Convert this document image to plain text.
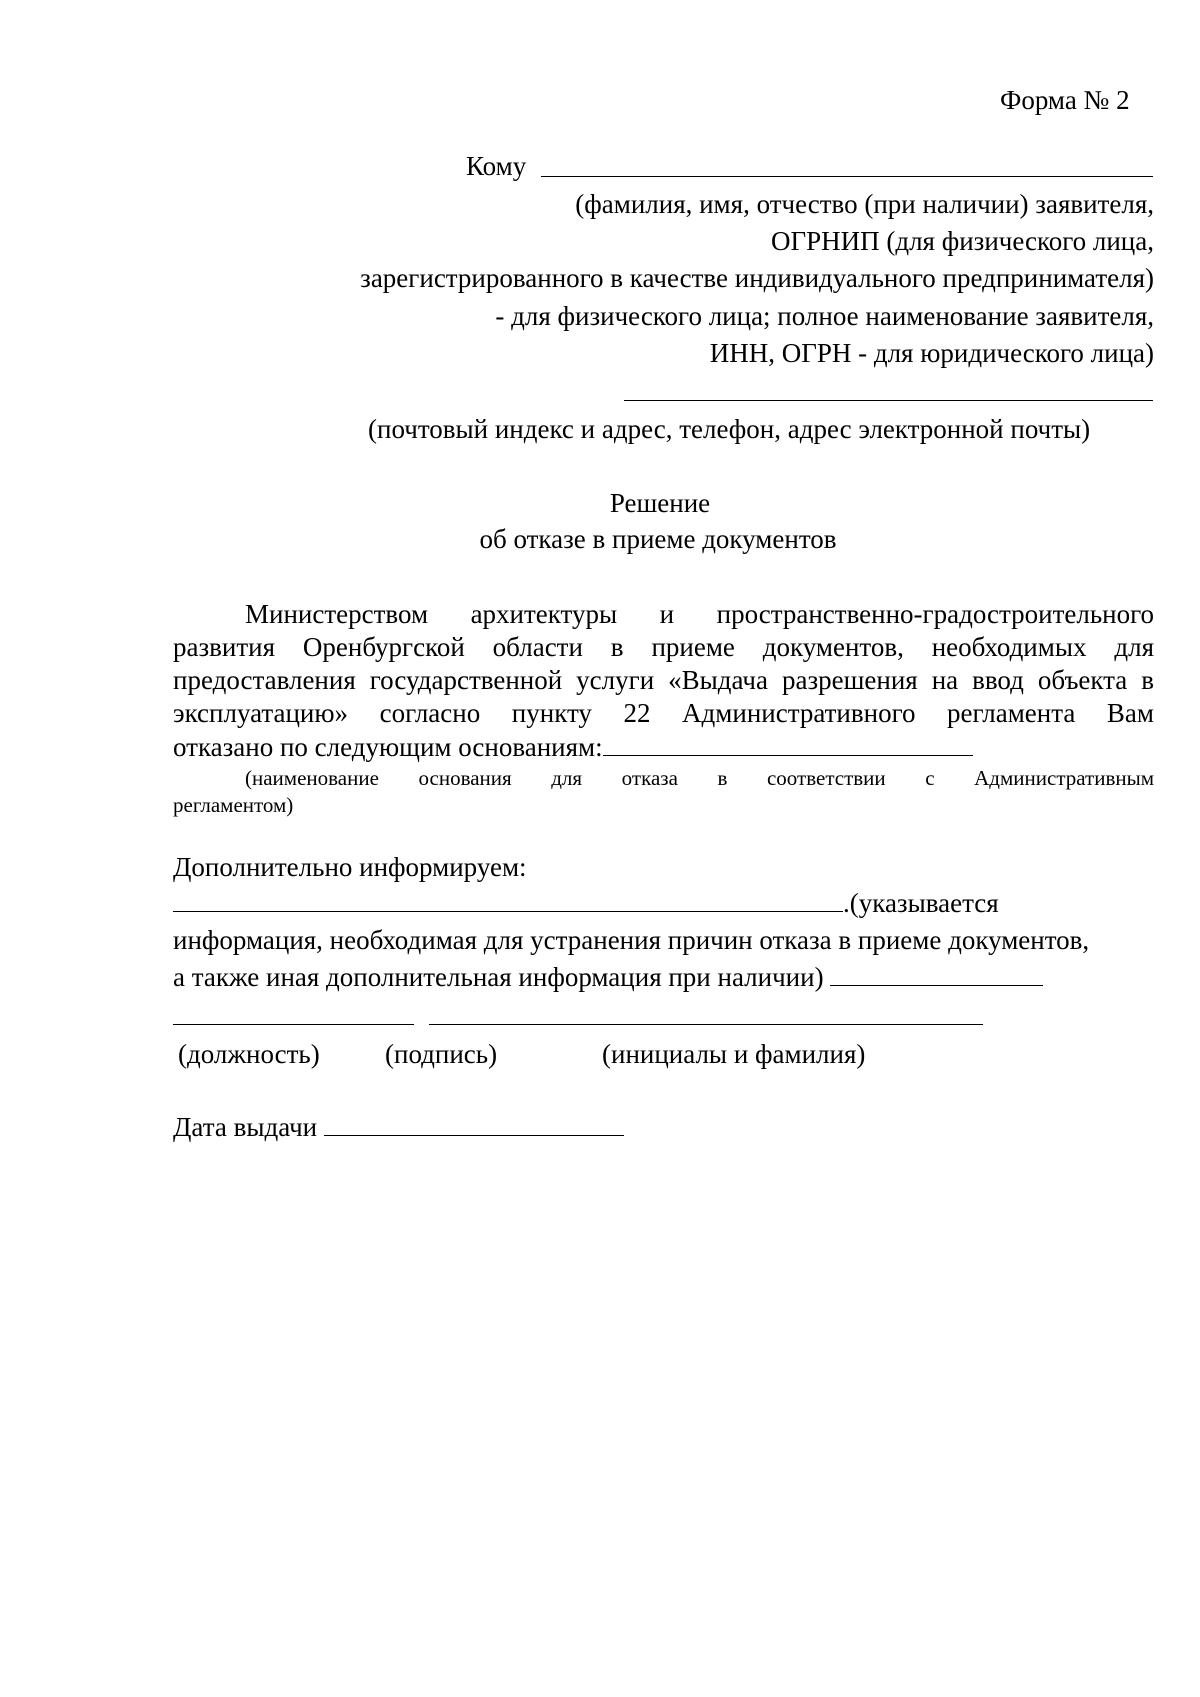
Форма № 2
Кому
(фамилия, имя, отчество (при наличии) заявителя,
ОГРНИП (для физического лица,
зарегистрированного в качестве индивидуального предпринимателя)
- для физического лица; полное наименование заявителя,
ИНН, ОГРН - для юридического лица)
(почтовый индекс и адрес, телефон, адрес электронной почты)
Решение
об отказе в приеме документов
Министерством архитектуры и пространственно-градостроительного
развития Оренбургской области в приеме документов, необходимых для
предоставления государственной услуги «Выдача разрешения на ввод объекта в
эксплуатацию» согласно пункту 22 Административного регламента Вам
отказано по следующим основаниям:
(наименование основания для отказа в соответствии с Административным
регламентом)
Дополнительно информируем:
.(указывается
информация, необходимая для устранения причин отказа в приеме документов,
а также иная дополнительная информация при наличии)
(должность) (подпись)	(инициалы и фамилия)
Дата выдачи
